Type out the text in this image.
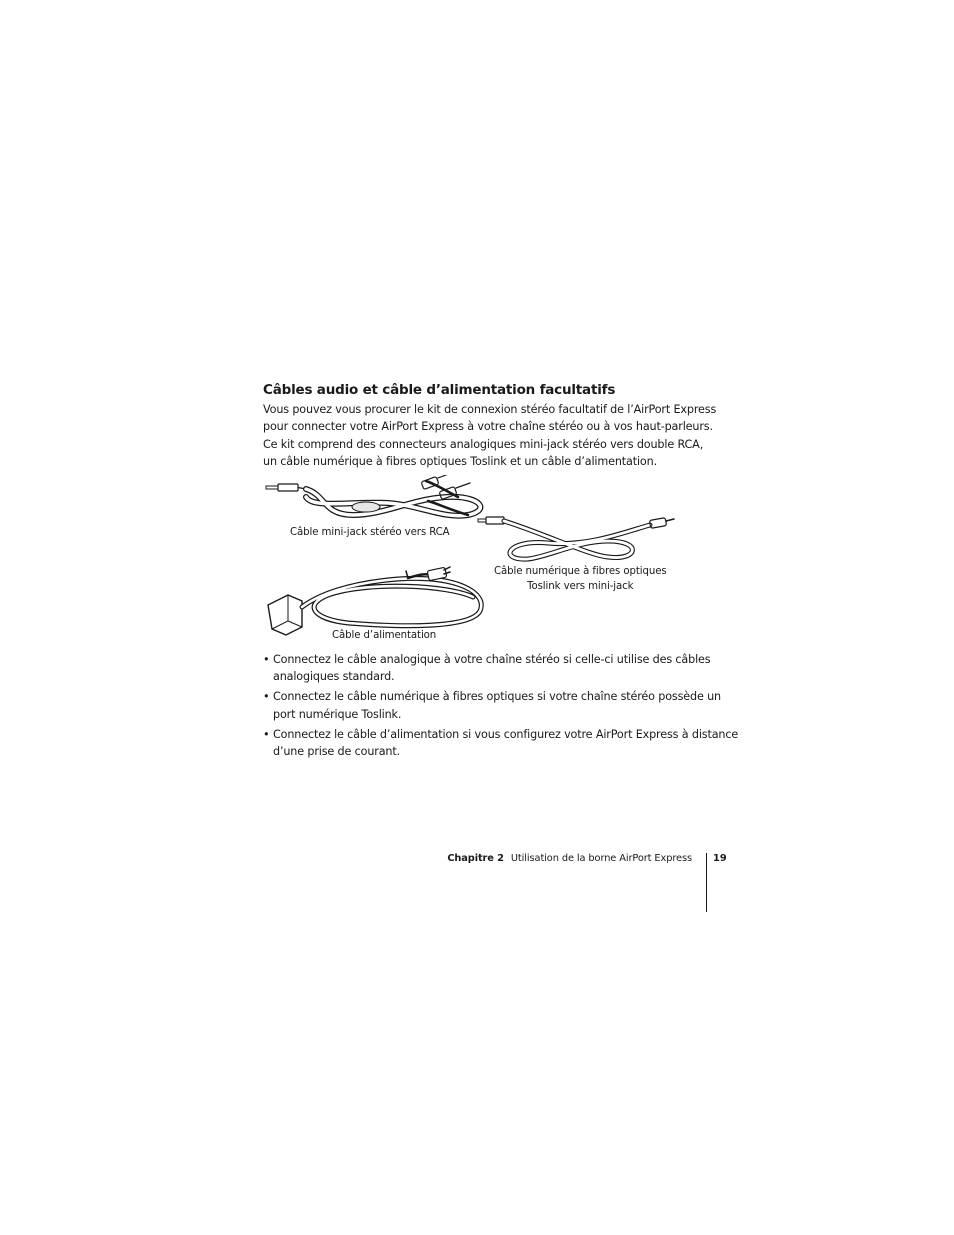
Câbles audio et câble d’alimentation facultatifs
Vous pouvez vous procurer le kit de connexion stéréo facultatif de l’AirPort Express
pour connecter votre AirPort Express à votre chaîne stéréo ou à vos haut-parleurs.
Ce kit comprend des connecteurs analogiques mini-jack stéréo vers double RCA,
un câble numérique à fibres optiques Toslink et un câble d’alimentation.
Câble mini-jack stéréo vers RCA
Câble numérique à fibres optiques
Toslink vers mini-jack
Câble d’alimentation
• Connectez le câble analogique à votre chaîne stéréo si celle-ci utilise des câbles
analogiques standard.
• Connectez le câble numérique à fibres optiques si votre chaîne stéréo possède un
port numérique Toslink.
• Connectez le câble d’alimentation si vous configurez votre AirPort Express à distance
d’une prise de courant.
Chapitre 2 Utilisation de la borne AirPort Express 19
